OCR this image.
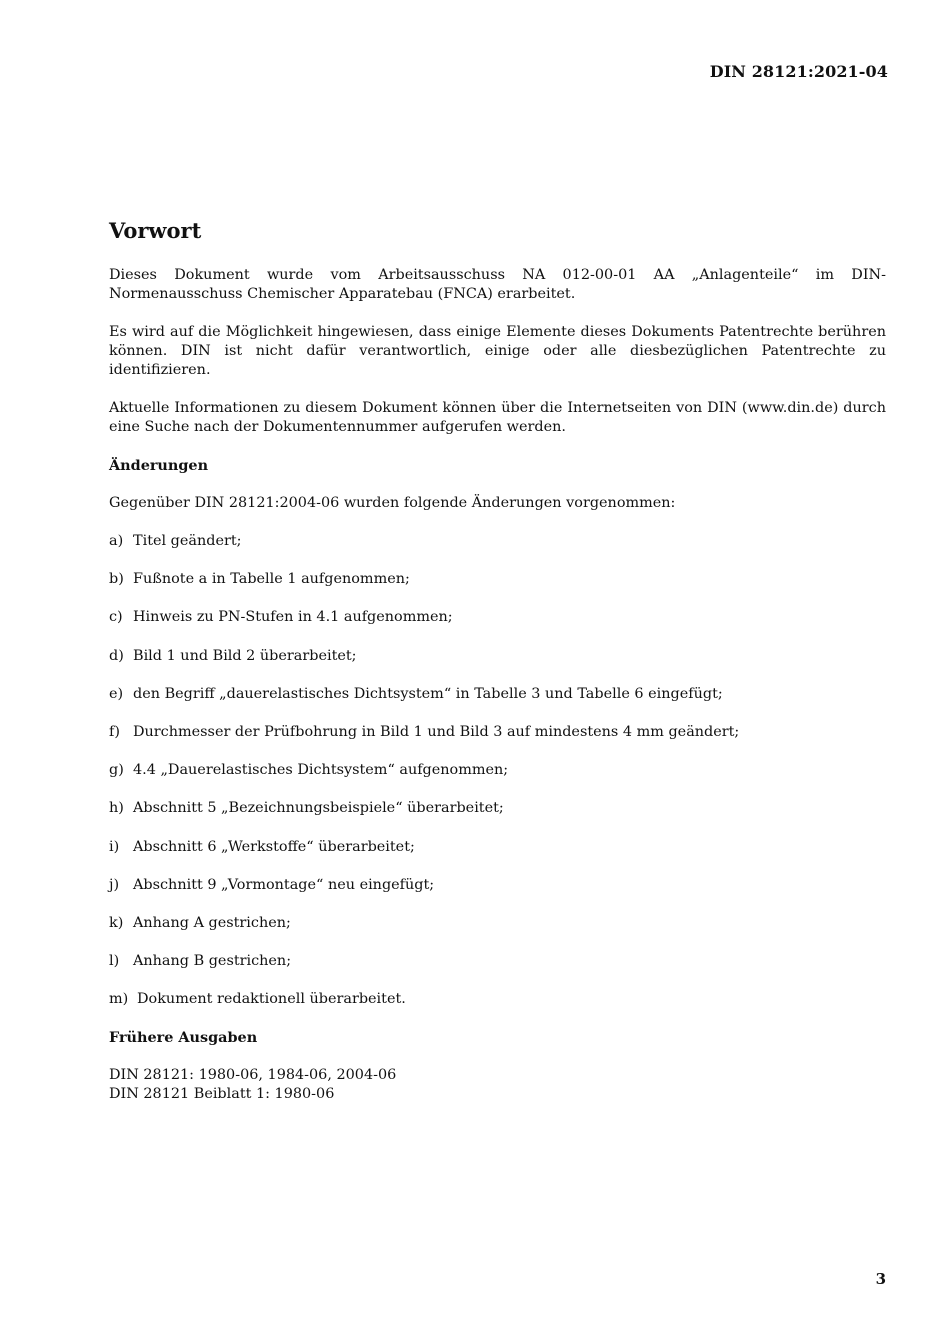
DIN 28121:2021-04
Vorwort

Dieses Dokument wurde vom Arbeitsausschuss NA 012-00-01 AA „Anlagenteile“ im DIN-Normenausschuss Chemischer Apparatebau (FNCA) erarbeitet.

Es wird auf die Möglichkeit hingewiesen, dass einige Elemente dieses Dokuments Patentrechte berühren können. DIN ist nicht dafür verantwortlich, einige oder alle diesbezüglichen Patentrechte zu identifizieren.

Aktuelle Informationen zu diesem Dokument können über die Internetseiten von DIN (www.din.de) durch eine Suche nach der Dokumentennummer aufgerufen werden.

Änderungen

Gegenüber DIN 28121:2004-06 wurden folgende Änderungen vorgenommen:

a) Titel geändert;
b) Fußnote a in Tabelle 1 aufgenommen;
c) Hinweis zu PN-Stufen in 4.1 aufgenommen;
d) Bild 1 und Bild 2 überarbeitet;
e) den Begriff „dauerelastisches Dichtsystem“ in Tabelle 3 und Tabelle 6 eingefügt;
f) Durchmesser der Prüfbohrung in Bild 1 und Bild 3 auf mindestens 4 mm geändert;
g) 4.4 „Dauerelastisches Dichtsystem“ aufgenommen;
h) Abschnitt 5 „Bezeichnungsbeispiele“ überarbeitet;
i) Abschnitt 6 „Werkstoffe“ überarbeitet;
j) Abschnitt 9 „Vormontage“ neu eingefügt;
k) Anhang A gestrichen;
l) Anhang B gestrichen;
m) Dokument redaktionell überarbeitet.
Frühere Ausgaben

DIN 28121: 1980-06, 1984-06, 2004-06

DIN 28121 Beiblatt 1: 1980-06

3
